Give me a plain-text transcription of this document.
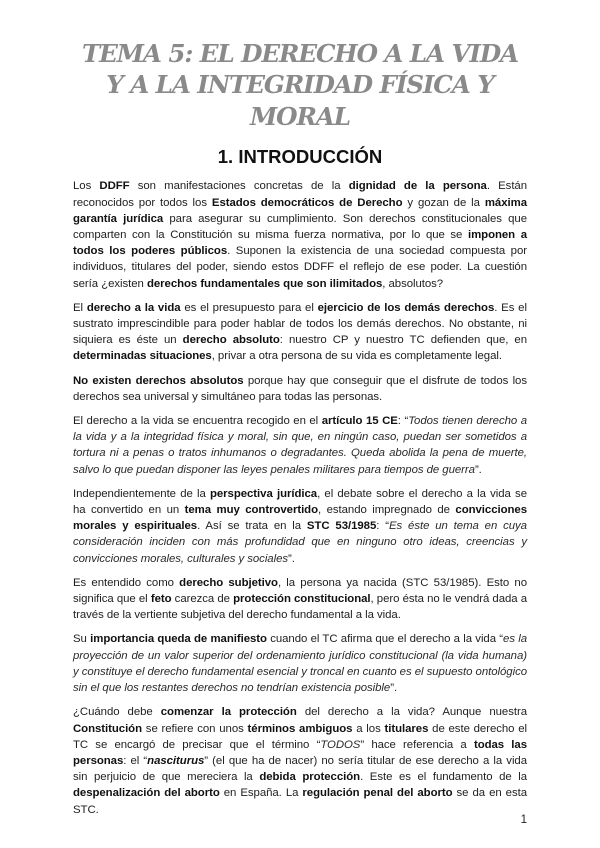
TEMA 5: EL DERECHO A LA VIDA Y A LA INTEGRIDAD FÍSICA Y MORAL
1. INTRODUCCIÓN

Los DDFF son manifestaciones concretas de la dignidad de la persona. Están reconocidos por todos los Estados democráticos de Derecho y gozan de la máxima garantía jurídica para asegurar su cumplimiento. Son derechos constitucionales que comparten con la Constitución su misma fuerza normativa, por lo que se imponen a todos los poderes públicos. Suponen la existencia de una sociedad compuesta por individuos, titulares del poder, siendo estos DDFF el reflejo de ese poder. La cuestión sería ¿existen derechos fundamentales que son ilimitados, absolutos?

El derecho a la vida es el presupuesto para el ejercicio de los demás derechos. Es el sustrato imprescindible para poder hablar de todos los demás derechos. No obstante, ni siquiera es éste un derecho absoluto: nuestro CP y nuestro TC defienden que, en determinadas situaciones, privar a otra persona de su vida es completamente legal.

No existen derechos absolutos porque hay que conseguir que el disfrute de todos los derechos sea universal y simultáneo para todas las personas.

El derecho a la vida se encuentra recogido en el artículo 15 CE: “Todos tienen derecho a la vida y a la integridad física y moral, sin que, en ningún caso, puedan ser sometidos a tortura ni a penas o tratos inhumanos o degradantes. Queda abolida la pena de muerte, salvo lo que puedan disponer las leyes penales militares para tiempos de guerra”.

Independientemente de la perspectiva jurídica, el debate sobre el derecho a la vida se ha convertido en un tema muy controvertido, estando impregnado de convicciones morales y espirituales. Así se trata en la STC 53/1985: “Es éste un tema en cuya consideración inciden con más profundidad que en ninguno otro ideas, creencias y convicciones morales, culturales y sociales”.

Es entendido como derecho subjetivo, la persona ya nacida (STC 53/1985). Esto no significa que el feto carezca de protección constitucional, pero ésta no le vendrá dada a través de la vertiente subjetiva del derecho fundamental a la vida.

Su importancia queda de manifiesto cuando el TC afirma que el derecho a la vida “es la proyección de un valor superior del ordenamiento jurídico constitucional (la vida humana) y constituye el derecho fundamental esencial y troncal en cuanto es el supuesto ontológico sin el que los restantes derechos no tendrían existencia posible”.

¿Cuándo debe comenzar la protección del derecho a la vida? Aunque nuestra Constitución se refiere con unos términos ambiguos a los titulares de este derecho el TC se encargó de precisar que el término “TODOS” hace referencia a todas las personas: el “nasciturus” (el que ha de nacer) no sería titular de ese derecho a la vida sin perjuicio de que mereciera la debida protección. Este es el fundamento de la despenalización del aborto en España. La regulación penal del aborto se da en esta STC.

1
